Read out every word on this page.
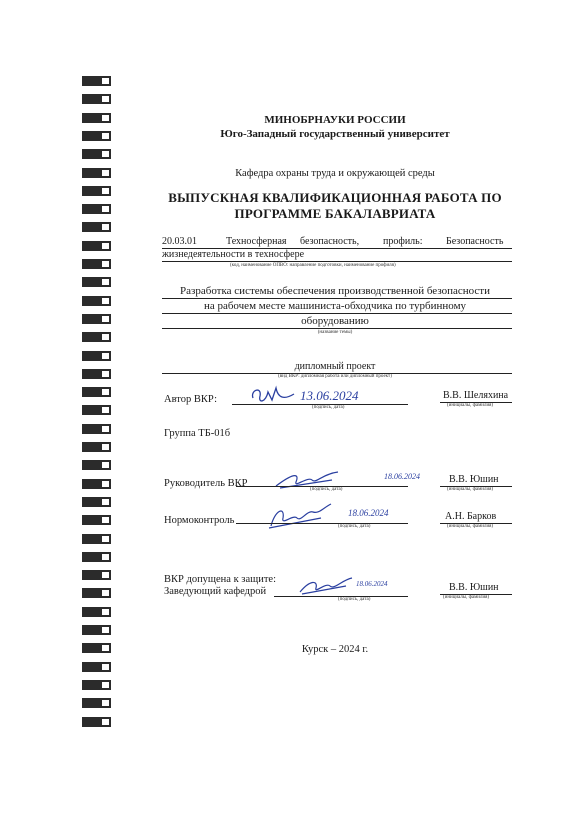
МИНОБРНАУКИ РОССИИ
Юго-Западный государственный университет
Кафедра охраны труда и окружающей среды
ВЫПУСКНАЯ КВАЛИФИКАЦИОННАЯ РАБОТА ПО
ПРОГРАММЕ БАКАЛАВРИАТА
20.03.01	Техносферная безопасность, профиль: Безопасность
жизнедеятельности в техносфере
(код, наименование ОПВО: направление подготовки, наименование профиля)
Разработка системы обеспечения производственной безопасности
на рабочем месте машиниста-обходчика по турбинному
оборудованию
(название темы)
дипломный проект
(вид ВКР: дипломная работа или дипломный проект)
Автор ВКР:	13.06.2024
(подпись, дата)
В.В. Шеляхина
(инициалы, фамилия)
Группа ТБ-01б
Руководитель ВКР
18.06.2024
(подпись, дата)
В.В. Юшин
(инициалы, фамилия)
Нормоконтроль
18.06.2024
(подпись, дата)
А.Н. Барков
(инициалы, фамилия)
ВКР допущена к защите:
Заведующий кафедрой
18.06.2024
(подпись, дата)
В.В. Юшин
(инициалы, фамилия)
Курск – 2024 г.
